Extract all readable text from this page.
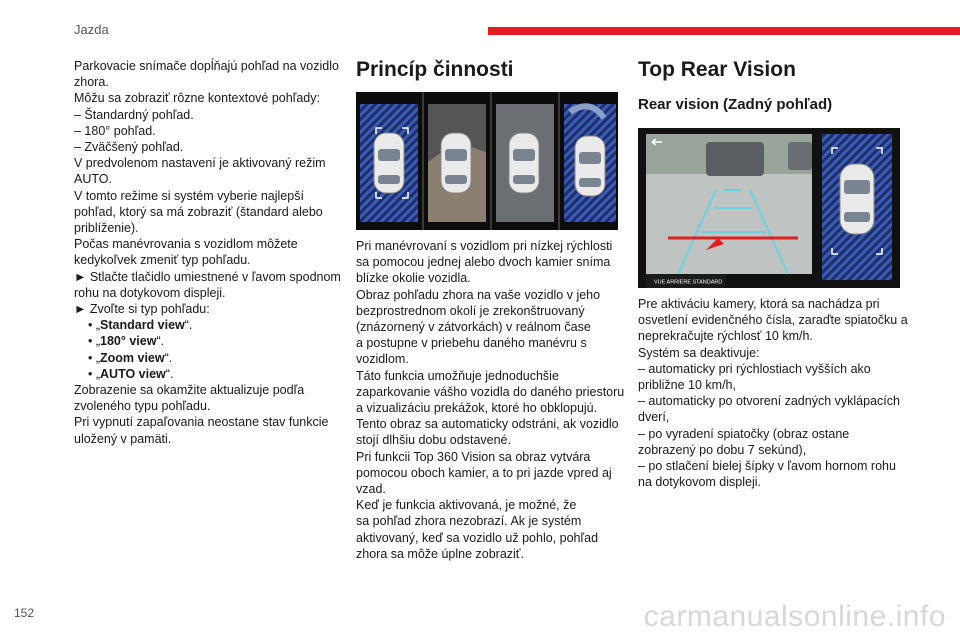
Jazda
Parkovacie snímače dopĺňajú pohľad na vozidlo
zhora.
Môžu sa zobraziť rôzne kontextové pohľady:
– Štandardný pohľad.
– 180° pohľad.
– Zväčšený pohľad.
V predvolenom nastavení je aktivovaný režim
AUTO.
V tomto režime si systém vyberie najlepší
pohľad, ktorý sa má zobraziť (štandard alebo
priblíženie).
Počas manévrovania s vozidlom môžete
kedykoľvek zmeniť typ pohľadu.
► Stlačte tlačidlo umiestnené v ľavom spodnom
rohu na dotykovom displeji.
► Zvoľte si typ pohľadu:
• „Standard view“.
• „180° view“.
• „Zoom view“.
• „AUTO view“.
Zobrazenie sa okamžite aktualizuje podľa
zvoleného typu pohľadu.
Pri vypnutí zapaľovania neostane stav funkcie
uložený v pamäti.
Princíp činnosti
Pri manévrovaní s vozidlom pri nízkej rýchlosti
sa pomocou jednej alebo dvoch kamier sníma
blízke okolie vozidla.
Obraz pohľadu zhora na vaše vozidlo v jeho
bezprostrednom okolí je zrekonštruovaný
(znázornený v zátvorkách) v reálnom čase
a postupne v priebehu daného manévru s
vozidlom.
Táto funkcia umožňuje jednoduchšie
zaparkovanie vášho vozidla do daného priestoru
a vizualizáciu prekážok, ktoré ho obklopujú.
Tento obraz sa automaticky odstráni, ak vozidlo
stojí dlhšiu dobu odstavené.
Pri funkcii Top 360 Vision sa obraz vytvára
pomocou oboch kamier, a to pri jazde vpred aj
vzad.
Keď je funkcia aktivovaná, je možné, že
sa pohľad zhora nezobrazí. Ak je systém
aktivovaný, keď sa vozidlo už pohlo, pohľad
zhora sa môže úplne zobraziť.
Top Rear Vision
Rear vision (Zadný pohľad)
VUE ARRIERE STANDARD
Pre aktiváciu kamery, ktorá sa nachádza pri
osvetlení evidenčného čísla, zaraďte spiatočku a
neprekračujte rýchlosť 10 km/h.
Systém sa deaktivuje:
– automaticky pri rýchlostiach vyšších ako
približne 10 km/h,
– automaticky po otvorení zadných vyklápacích
dverí,
– po vyradení spiatočky (obraz ostane
zobrazený po dobu 7 sekúnd),
– po stlačení bielej šípky v ľavom hornom rohu
na dotykovom displeji.
152	carmanualsonline.info
